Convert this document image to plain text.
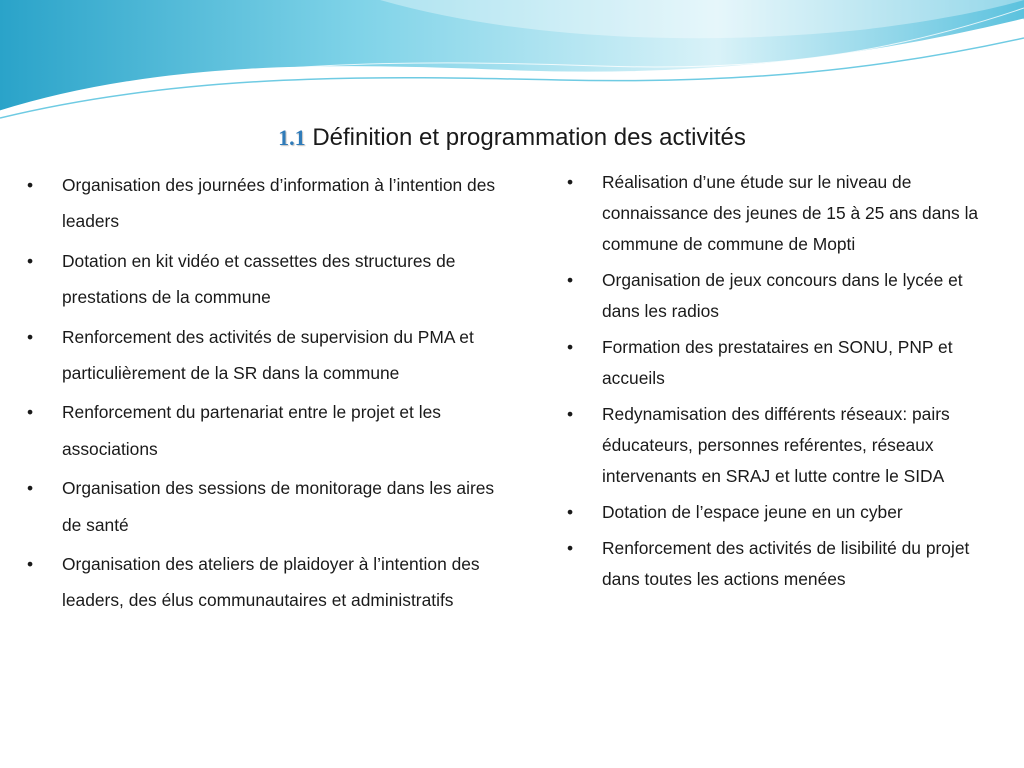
1.1 Définition et programmation des activités
• Organisation des journées d’information à l’intention des leaders
• Dotation en kit vidéo et cassettes des structures de prestations de la commune
• Renforcement des activités de supervision du PMA et particulièrement de la SR dans la commune
• Renforcement du partenariat entre le projet et les associations
• Organisation des sessions de monitorage dans les aires de santé
• Organisation des ateliers de plaidoyer à l’intention des leaders, des élus communautaires et administratifs
• Réalisation d’une étude sur le niveau de connaissance des jeunes de 15 à 25 ans dans la commune de commune de Mopti
• Organisation de jeux concours dans le lycée et dans les radios
• Formation des prestataires en SONU, PNP et accueils
• Redynamisation des différents réseaux: pairs éducateurs, personnes reférentes, réseaux intervenants en SRAJ et lutte contre le SIDA
• Dotation de l’espace jeune en un cyber
• Renforcement des activités de lisibilité du projet dans toutes les actions menées
